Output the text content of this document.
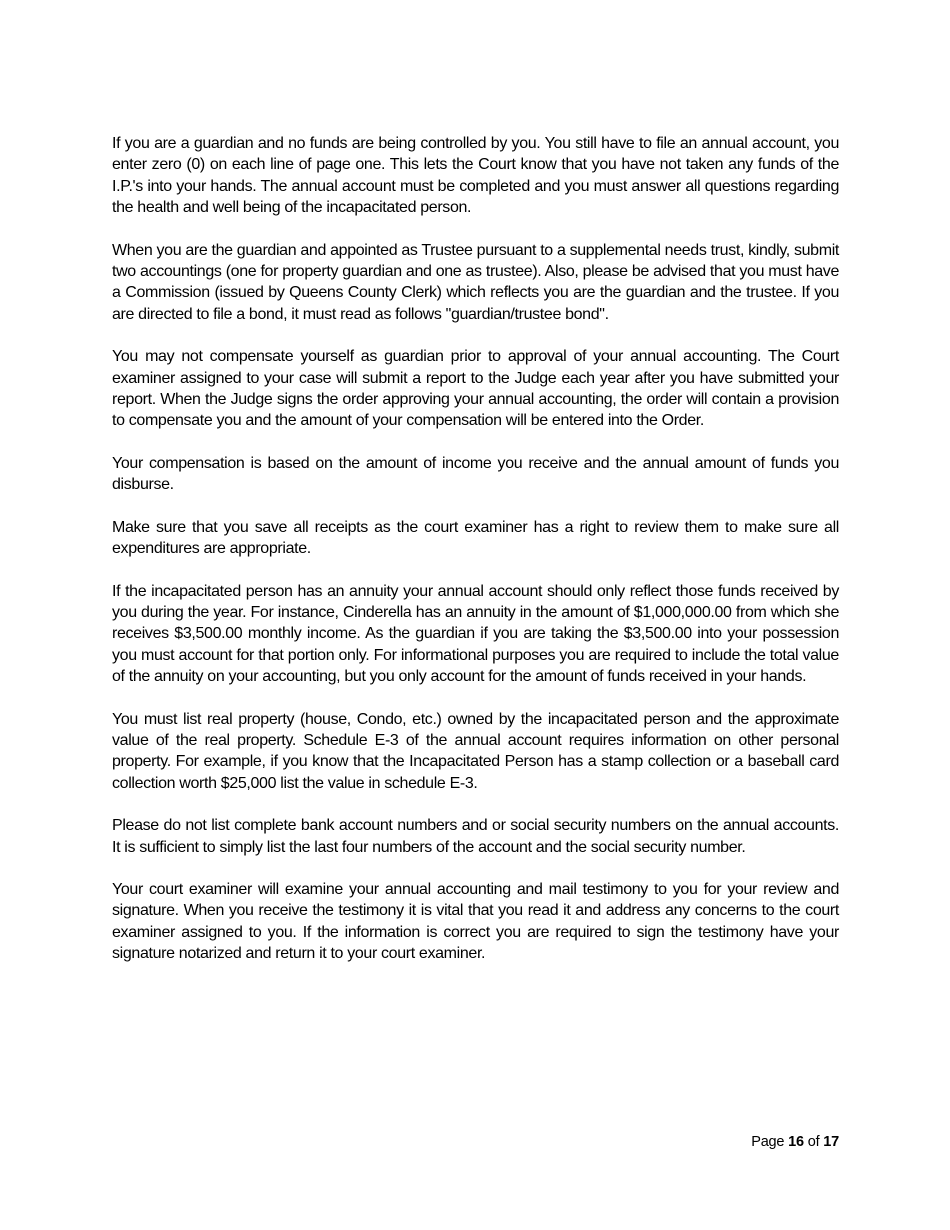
If you are a guardian and no funds are being controlled by you. You still have to file an annual account, you enter zero (0) on each line of page one. This lets the Court know that you have not taken any funds of the I.P.'s into your hands. The annual account must be completed and you must answer all questions regarding the health and well being of the incapacitated person.

When you are the guardian and appointed as Trustee pursuant to a supplemental needs trust, kindly, submit two accountings (one for property guardian and one as trustee). Also, please be advised that you must have a Commission (issued by Queens County Clerk) which reflects you are the guardian and the trustee. If you are directed to file a bond, it must read as follows "guardian/trustee bond".

You may not compensate yourself as guardian prior to approval of your annual accounting. The Court examiner assigned to your case will submit a report to the Judge each year after you have submitted your report. When the Judge signs the order approving your annual accounting, the order will contain a provision to compensate you and the amount of your compensation will be entered into the Order.

Your compensation is based on the amount of income you receive and the annual amount of funds you disburse.

Make sure that you save all receipts as the court examiner has a right to review them to make sure all expenditures are appropriate.

If the incapacitated person has an annuity your annual account should only reflect those funds received by you during the year. For instance, Cinderella has an annuity in the amount of $1,000,000.00 from which she receives $3,500.00 monthly income. As the guardian if you are taking the $3,500.00 into your possession you must account for that portion only. For informational purposes you are required to include the total value of the annuity on your accounting, but you only account for the amount of funds received in your hands.

You must list real property (house, Condo, etc.) owned by the incapacitated person and the approximate value of the real property. Schedule E-3 of the annual account requires information on other personal property. For example, if you know that the Incapacitated Person has a stamp collection or a baseball card collection worth $25,000 list the value in schedule E-3.

Please do not list complete bank account numbers and or social security numbers on the annual accounts. It is sufficient to simply list the last four numbers of the account and the social security number.

Your court examiner will examine your annual accounting and mail testimony to you for your review and signature. When you receive the testimony it is vital that you read it and address any concerns to the court examiner assigned to you. If the information is correct you are required to sign the testimony have your signature notarized and return it to your court examiner.

Page 16 of 17
